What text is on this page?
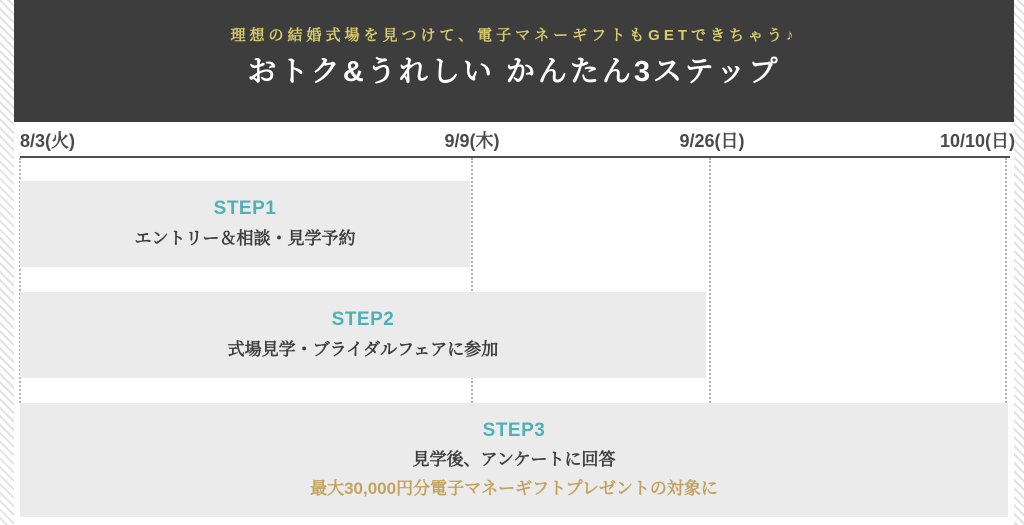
理想の結婚式場を見つけて、電子マネーギフトもGETできちゃう♪
おトク&うれしい かんたん3ステップ
8/3(火)	9/9(木)	9/26(日)	10/10(日)
STEP1
エントリー＆相談・見学予約
STEP2
式場見学・ブライダルフェアに参加
STEP3
見学後、アンケートに回答
最大30,000円分電子マネーギフトプレゼントの対象に
